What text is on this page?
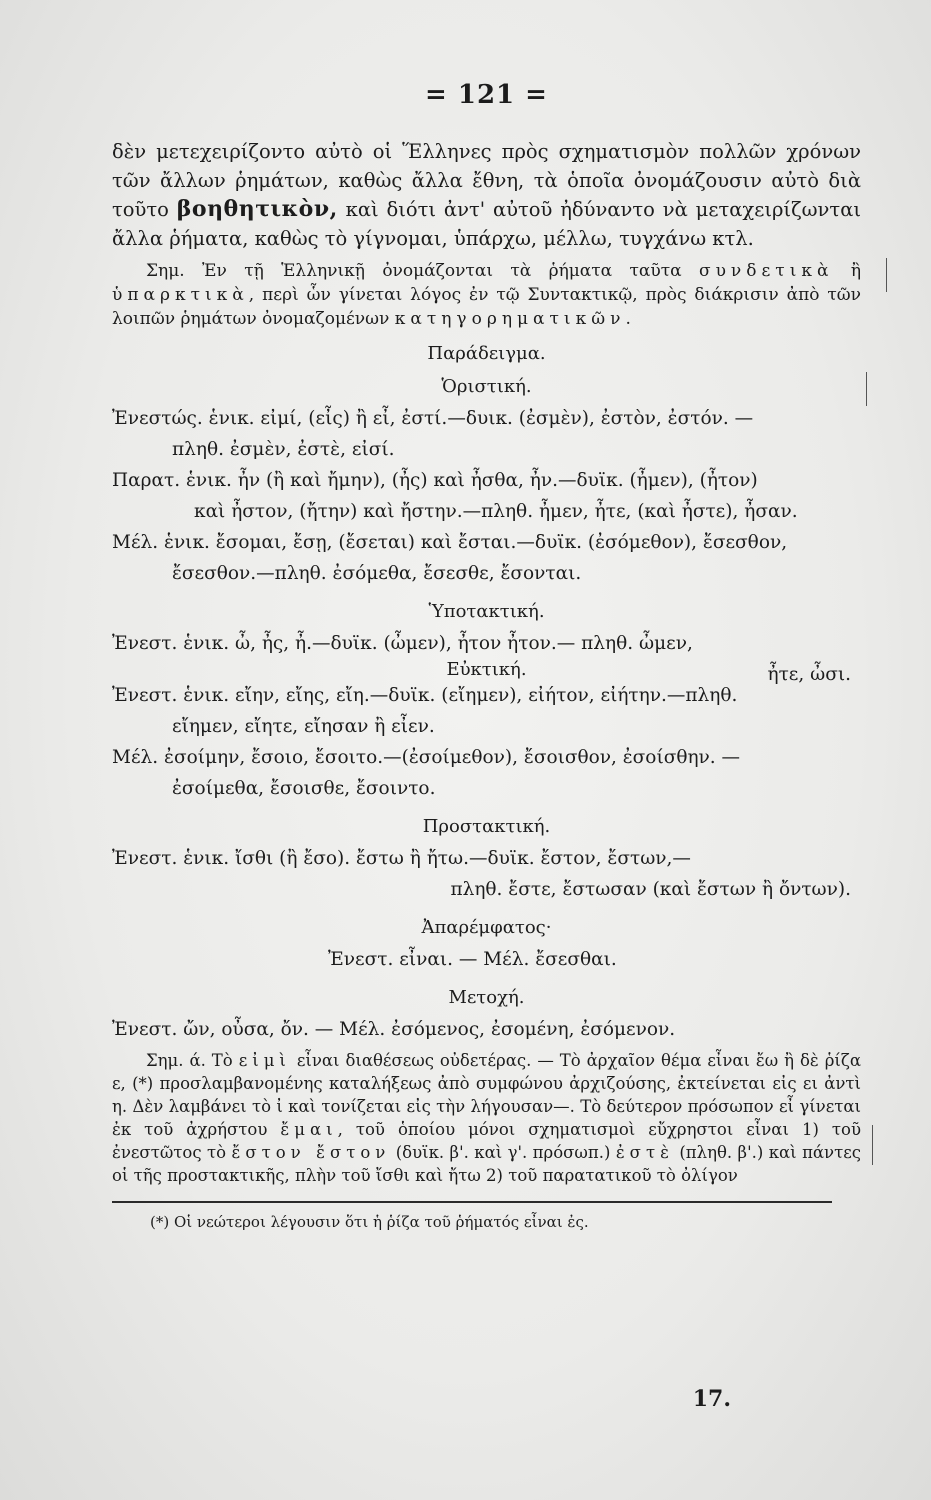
= 121 =

δὲν μετεχειρίζοντο αὐτὸ οἱ Ἕλληνες πρὸς σχηματισμὸν πολλῶν χρόνων τῶν ἄλλων ῥημάτων, καθὼς ἄλλα ἔθνη, τὰ ὁποῖα ὀνομάζουσιν αὐτὸ διὰ τοῦτο βοηθητικὸν, καὶ διότι ἀντ' αὐτοῦ ἠδύναντο νὰ μεταχειρίζωνται ἄλλα ῥήματα, καθὼς τὸ γίγνομαι, ὑπάρχω, μέλλω, τυγχάνω κτλ.

Σημ. Ἐν τῇ Ἑλληνικῇ ὀνομάζονται τὰ ῥήματα ταῦτα συνδετικὰ ἢ ὑπαρκτικὰ, περὶ ὧν γίνεται λόγος ἐν τῷ Συντακτικῷ, πρὸς διάκρισιν ἀπὸ τῶν λοιπῶν ῥημάτων ὀνομαζομένων κατηγορηματικῶν.

Παράδειγμα.
Ὁριστική.

Ἐνεστώς. ἑνικ. εἰμί, (εἶς) ἢ εἶ, ἐστί.—δυικ. (ἐσμὲν), ἐστὸν, ἐστόν. —

πληθ. ἐσμὲν, ἐστὲ, εἰσί.

Παρατ. ἑνικ. ἦν (ἢ καὶ ἤμην), (ἦς) καὶ ἦσθα, ἦν.—δυϊκ. (ἦμεν), (ἦτον)

καὶ ἦστον, (ἤτην) καὶ ἤστην.—πληθ. ἦμεν, ἦτε, (καὶ ἦστε), ἦσαν.

Μέλ. ἑνικ. ἔσομαι, ἔσῃ, (ἔσεται) καὶ ἔσται.—δυϊκ. (ἐσόμεθον), ἔσεσθον,

ἔσεσθον.—πληθ. ἐσόμεθα, ἔσεσθε, ἔσονται.

Ὑποτακτική.

Ἐνεστ. ἑνικ. ὦ, ἦς, ἦ.—δυϊκ. (ὦμεν), ἦτον ἦτον.— πληθ. ὦμεν,

Εὐκτική.	ἦτε, ὦσι.

Ἐνεστ. ἑνικ. εἴην, εἴης, εἴη.—δυϊκ. (εἴημεν), εἰήτον, εἰήτην.—πληθ.

εἴημεν, εἴητε, εἴησαν ἢ εἶεν.

Μέλ. ἐσοίμην, ἔσοιο, ἔσοιτο.—(ἐσοίμεθον), ἔσοισθον, ἐσοίσθην. —

ἐσοίμεθα, ἔσοισθε, ἔσοιντο.

Προστακτική.

Ἐνεστ. ἑνικ. ἴσθι (ἢ ἔσο). ἔστω ἢ ἤτω.—δυϊκ. ἔστον, ἔστων,—

πληθ. ἔστε, ἔστωσαν (καὶ ἔστων ἢ ὄντων).

Ἀπαρέμφατος·

Ἐνεστ. εἶναι. — Μέλ. ἔσεσθαι.

Μετοχή.

Ἐνεστ. ὤν, οὖσα, ὄν. — Μέλ. ἐσόμενος, ἐσομένη, ἐσόμενον.

Σημ. ά. Τὸ εἰμὶ εἶναι διαθέσεως οὐδετέρας. — Τὸ ἀρχαῖον θέμα εἶναι ἔω ἢ δὲ ῥίζα ε, (*) προσλαμβανομένης καταλήξεως ἀπὸ συμφώνου ἀρχιζούσης, ἐκτείνεται εἰς ει ἀντὶ η. Δὲν λαμβάνει τὸ ἰ καὶ τονίζεται εἰς τὴν λήγουσαν—. Τὸ δεύτερον πρόσωπον εἶ γίνεται ἐκ τοῦ ἀχρήστου ἔμαι, τοῦ ὁποίου μόνοι σχηματισμοὶ εὔχρηστοι εἶναι 1) τοῦ ἐνεστῶτος τὸ ἔστον ἔστον (δυϊκ. β'. καὶ γ'. πρόσωπ.) ἐστὲ (πληθ. β'.) καὶ πάντες οἱ τῆς προστακτικῆς, πλὴν τοῦ ἴσθι καὶ ἤτω 2) τοῦ παρατατικοῦ τὸ ὀλίγον

(*) Οἱ νεώτεροι λέγουσιν ὅτι ἡ ῥίζα τοῦ ῥήματός εἶναι ἐς.
17.
